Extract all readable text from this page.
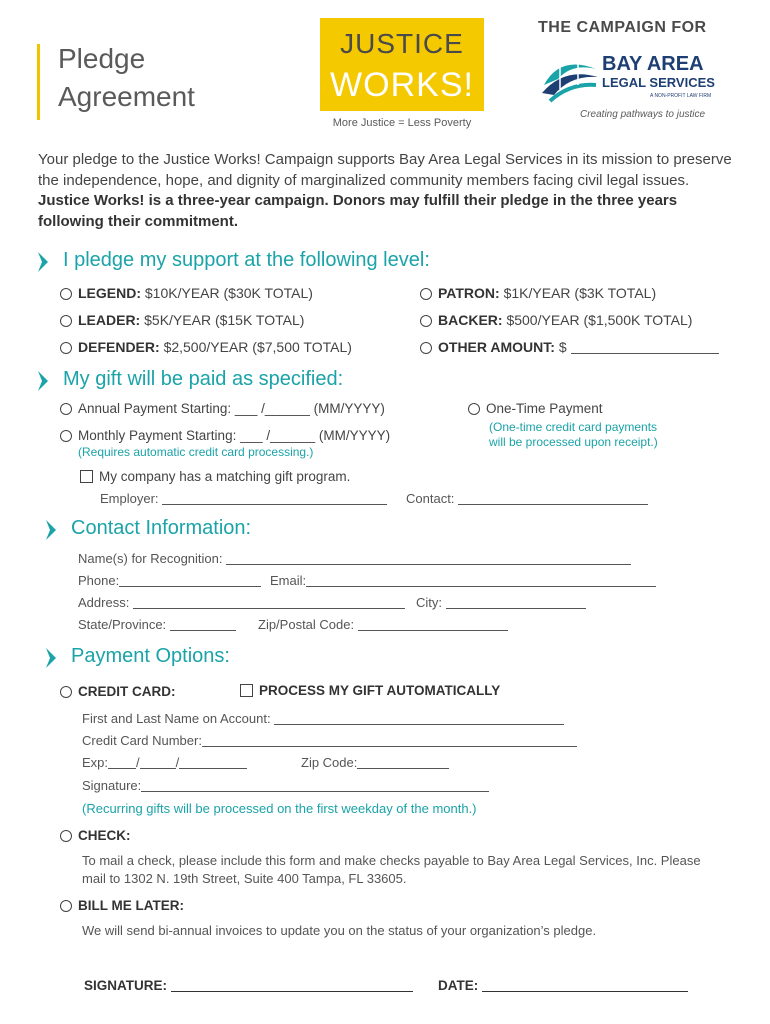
Pledge
Agreement
JUSTICE
WORKS!
More Justice = Less Poverty
THE CAMPAIGN FOR
BAY AREA
LEGAL SERVICES
A NON-PROFIT LAW FIRM
Creating pathways to justice
Your pledge to the Justice Works! Campaign supports Bay Area Legal Services in its mission to preserve the independence, hope, and dignity of marginalized community members facing civil legal issues. Justice Works! is a three-year campaign. Donors may fulfill their pledge in the three years following their commitment.
I pledge my support at the following level:
LEGEND: $10K/YEAR ($30K TOTAL)	PATRON: $1K/YEAR ($3K TOTAL)
LEADER: $5K/YEAR ($15K TOTAL)	BACKER: $500/YEAR ($1,500K TOTAL)
DEFENDER: $2,500/YEAR ($7,500 TOTAL)	OTHER AMOUNT: $
My gift will be paid as specified:
Annual Payment Starting: ___ /______ (MM/YYYY)	One-Time Payment
(One-time credit card payments
will be processed upon receipt.)
Monthly Payment Starting: ___ /______ (MM/YYYY)
(Requires automatic credit card processing.)
My company has a matching gift program.
Employer:	Contact:
Contact Information:
Name(s) for Recognition:
Phone:	Email:
Address:	City:
State/Province:	Zip/Postal Code:
Payment Options:
CREDIT CARD:	PROCESS MY GIFT AUTOMATICALLY
First and Last Name on Account:
Credit Card Number:
Exp: /	/	Zip Code:
Signature:
(Recurring gifts will be processed on the first weekday of the month.)
CHECK:
To mail a check, please include this form and make checks payable to Bay Area Legal Services, Inc. Please mail to 1302 N. 19th Street, Suite 400 Tampa, FL 33605.
BILL ME LATER:
We will send bi-annual invoices to update you on the status of your organization’s pledge.
SIGNATURE:	DATE:
